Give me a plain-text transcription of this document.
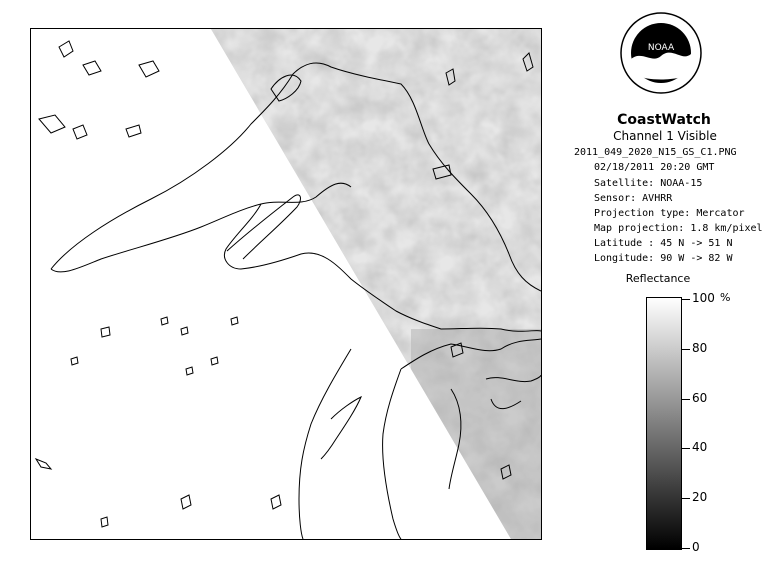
NOAA
CoastWatch
Channel 1 Visible
2011_049_2020_N15_GS_C1.PNG
02/18/2011 20:20 GMT
Satellite: NOAA-15
Sensor: AVHRR
Projection type: Mercator
Map projection: 1.8 km/pixel
Latitude : 45 N -> 51 N
Longitude: 90 W -> 82 W
Reflectance
%
100
80
60
40
20
0
